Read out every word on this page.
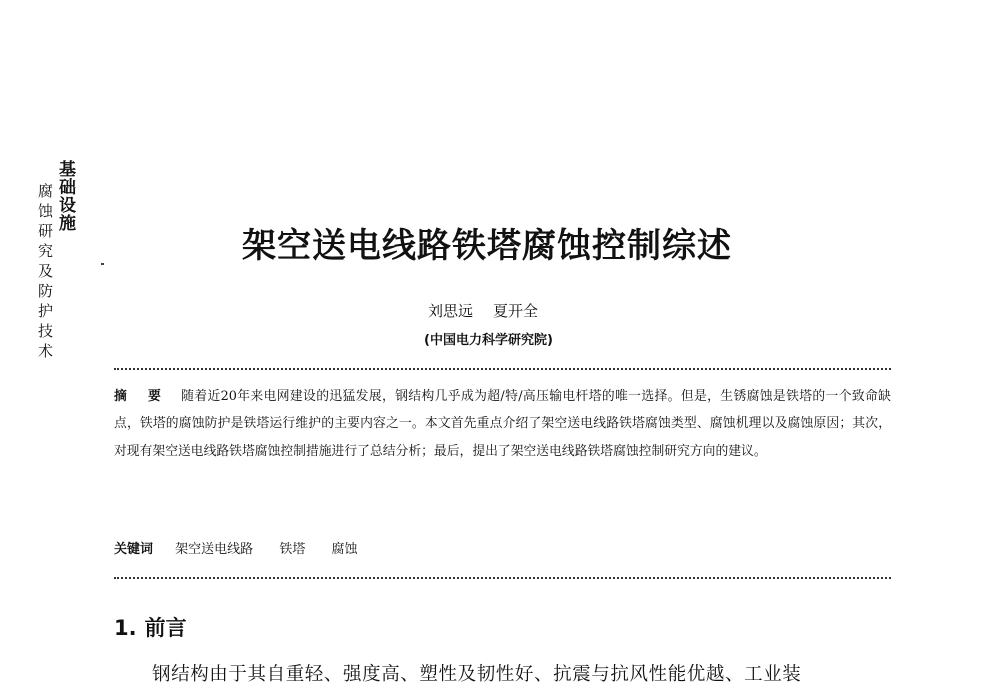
基础设施
腐蚀研究及防护技术	架空送电线路铁塔腐蚀控制综述
刘思远 夏开全
(中国电力科学研究院)
摘 要 随着近20年来电网建设的迅猛发展，钢结构几乎成为超/特/高压输电杆塔的唯一选择。但是，生锈腐蚀是铁塔的一个致命缺点，铁塔的腐蚀防护是铁塔运行维护的主要内容之一。本文首先重点介绍了架空送电线路铁塔腐蚀类型、腐蚀机理以及腐蚀原因；其次，对现有架空送电线路铁塔腐蚀控制措施进行了总结分析；最后，提出了架空送电线路铁塔腐蚀控制研究方向的建议。
关键词 架空送电线路 铁塔 腐蚀
1. 前言
钢结构由于其自重轻、强度高、塑性及韧性好、抗震与抗风性能优越、工业装
